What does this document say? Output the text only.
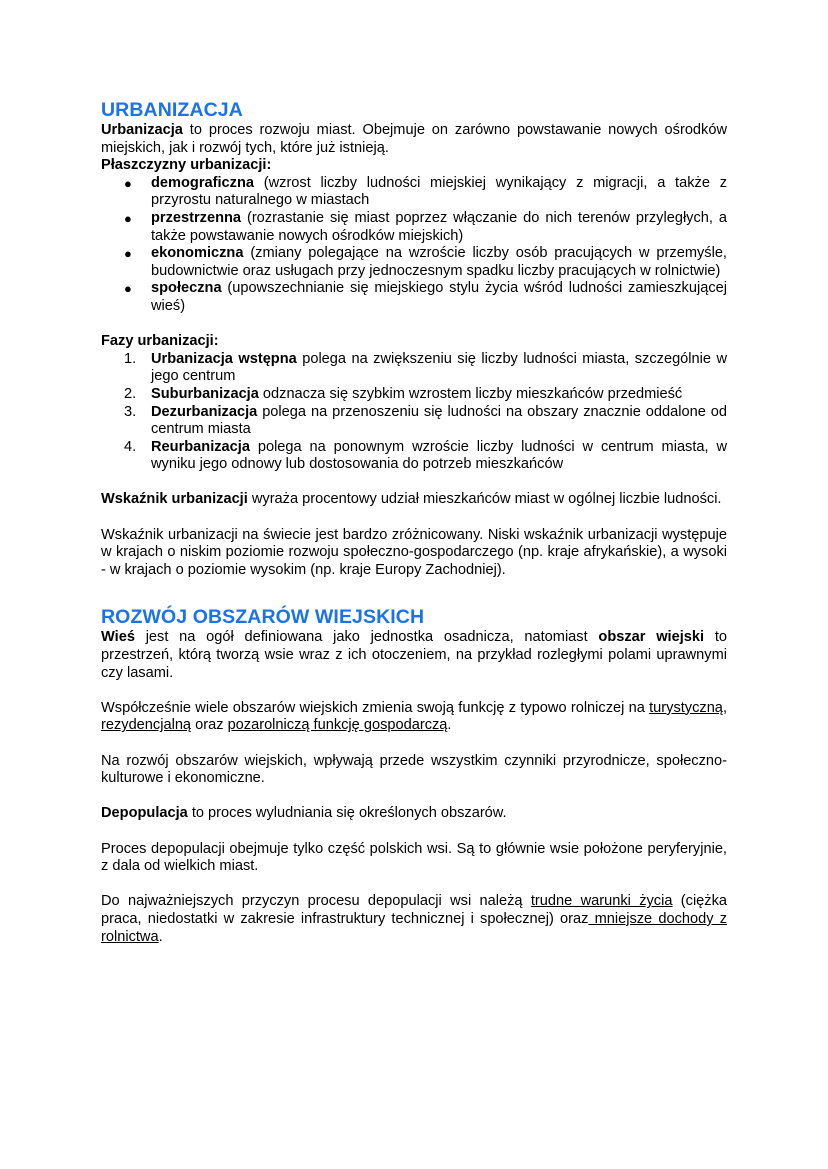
URBANIZACJA

Urbanizacja to proces rozwoju miast. Obejmuje on zarówno powstawanie nowych ośrodków miejskich, jak i rozwój tych, które już istnieją.

Płaszczyzny urbanizacji:

● demograficzna (wzrost liczby ludności miejskiej wynikający z migracji, a także z przyrostu naturalnego w miastach
● przestrzenna (rozrastanie się miast poprzez włączanie do nich terenów przyległych, a także powstawanie nowych ośrodków miejskich)
● ekonomiczna (zmiany polegające na wzroście liczby osób pracujących w przemyśle, budownictwie oraz usługach przy jednoczesnym spadku liczby pracujących w rolnictwie)
● społeczna (upowszechnianie się miejskiego stylu życia wśród ludności zamieszkującej wieś)

Fazy urbanizacji:

1. Urbanizacja wstępna polega na zwiększeniu się liczby ludności miasta, szczególnie w jego centrum
2. Suburbanizacja odznacza się szybkim wzrostem liczby mieszkańców przedmieść
3. Dezurbanizacja polega na przenoszeniu się ludności na obszary znacznie oddalone od centrum miasta
4. Reurbanizacja polega na ponownym wzroście liczby ludności w centrum miasta, w wyniku jego odnowy lub dostosowania do potrzeb mieszkańców

Wskaźnik urbanizacji wyraża procentowy udział mieszkańców miast w ogólnej liczbie ludności.

Wskaźnik urbanizacji na świecie jest bardzo zróżnicowany. Niski wskaźnik urbanizacji występuje w krajach o niskim poziomie rozwoju społeczno-gospodarczego (np. kraje afrykańskie), a wysoki - w krajach o poziomie wysokim (np. kraje Europy Zachodniej).

ROZWÓJ OBSZARÓW WIEJSKICH

Wieś jest na ogół definiowana jako jednostka osadnicza, natomiast obszar wiejski to przestrzeń, którą tworzą wsie wraz z ich otoczeniem, na przykład rozległymi polami uprawnymi czy lasami.

Współcześnie wiele obszarów wiejskich zmienia swoją funkcję z typowo rolniczej na turystyczną, rezydencjalną oraz pozarolniczą funkcję gospodarczą.

Na rozwój obszarów wiejskich, wpływają przede wszystkim czynniki przyrodnicze, społeczno-kulturowe i ekonomiczne.

Depopulacja to proces wyludniania się określonych obszarów.

Proces depopulacji obejmuje tylko część polskich wsi. Są to głównie wsie położone peryferyjnie, z dala od wielkich miast.

Do najważniejszych przyczyn procesu depopulacji wsi należą trudne warunki życia (ciężka praca, niedostatki w zakresie infrastruktury technicznej i społecznej) oraz mniejsze dochody z rolnictwa.
